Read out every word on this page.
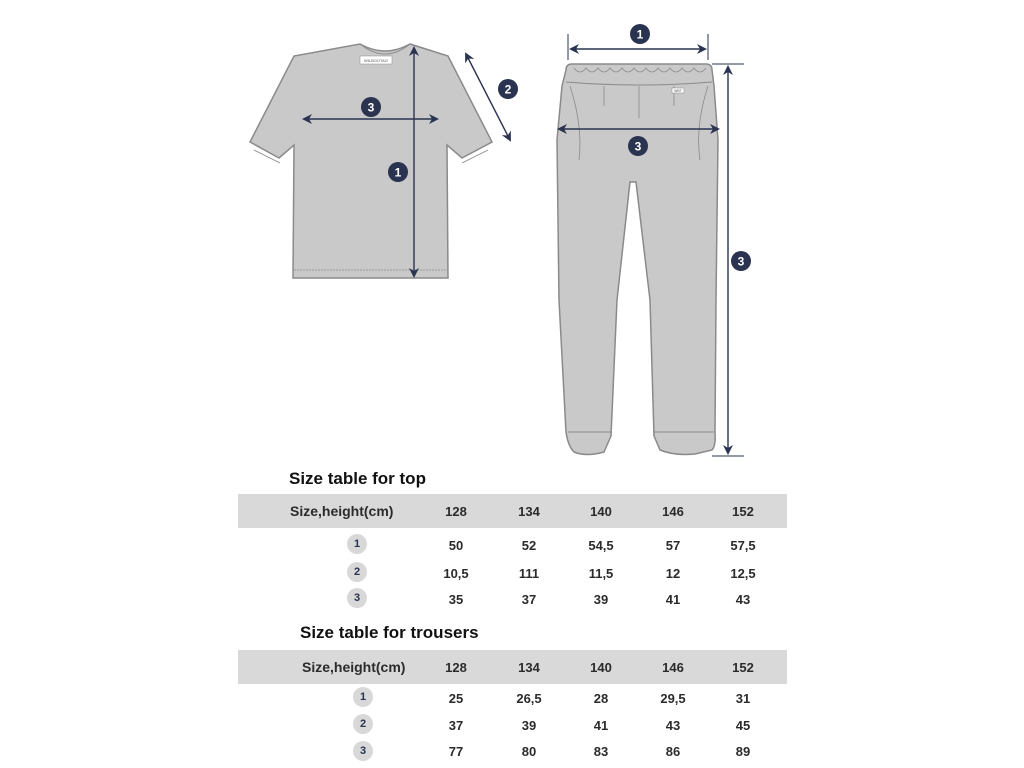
WILBOOTAG
1
3
2	WBT
1
3
3
Size table for top
Size,height(cm)	128	134	140	146	152
1	50	52	54,5	57	57,5
2	10,5	111	11,5	12	12,5
3	35	37	39	41	43
Size table for trousers
Size,height(cm)	128	134	140	146	152
1	25	26,5	28	29,5	31
2	37	39	41	43	45
3	77	80	83	86	89
